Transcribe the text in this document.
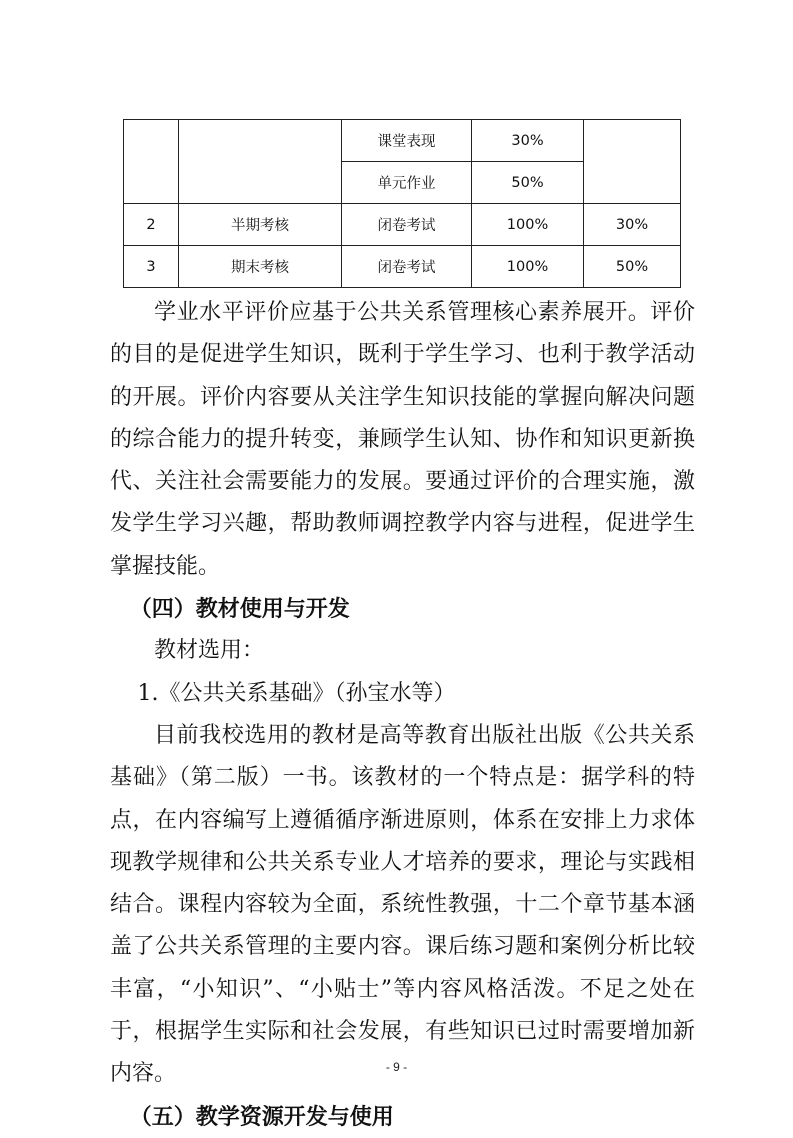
		课堂表现	30%	
		单元作业	50%	
2	半期考核	闭卷考试	100%	30%
3	期末考核	闭卷考试	100%	50%

学业水平评价应基于公共关系管理核心素养展开。评价的目的是促进学生知识，既利于学生学习、也利于教学活动的开展。评价内容要从关注学生知识技能的掌握向解决问题的综合能力的提升转变，兼顾学生认知、协作和知识更新换代、关注社会需要能力的发展。要通过评价的合理实施，激发学生学习兴趣，帮助教师调控教学内容与进程，促进学生掌握技能。

（四）教材使用与开发

教材选用：

1.《公共关系基础》（孙宝水等）

目前我校选用的教材是高等教育出版社出版《公共关系基础》（第二版）一书。该教材的一个特点是：据学科的特点，在内容编写上遵循循序渐进原则，体系在安排上力求体现教学规律和公共关系专业人才培养的要求，理论与实践相结合。课程内容较为全面，系统性教强，十二个章节基本涵盖了公共关系管理的主要内容。课后练习题和案例分析比较丰富，“小知识”、“小贴士”等内容风格活泼。不足之处在于，根据学生实际和社会发展，有些知识已过时需要增加新内容。

（五）教学资源开发与使用

- 9 -
